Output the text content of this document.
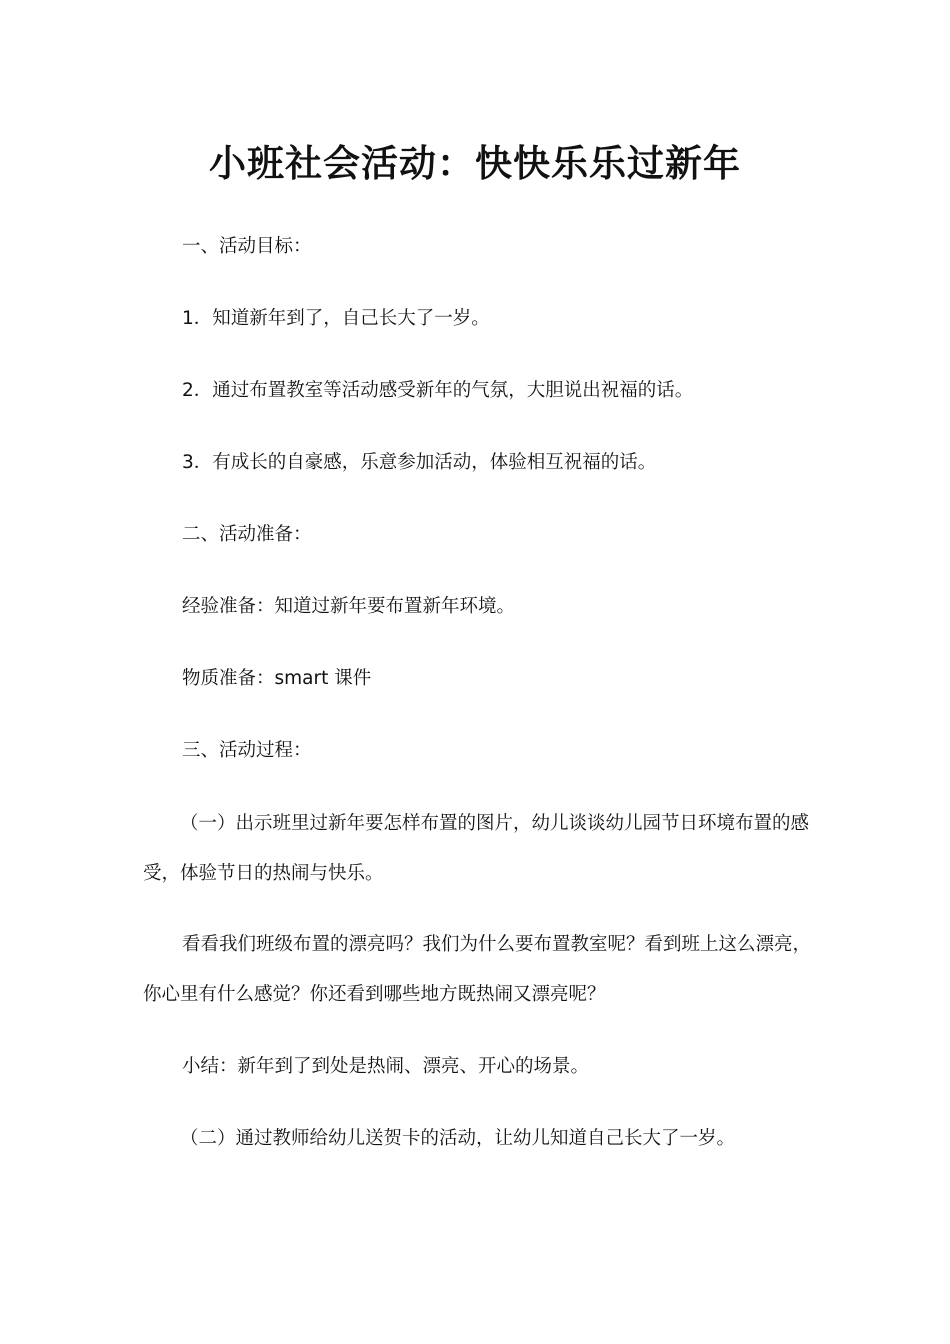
小班社会活动：快快乐乐过新年
一、活动目标：
1．知道新年到了，自己长大了一岁。
2．通过布置教室等活动感受新年的气氛，大胆说出祝福的话。
3．有成长的自豪感，乐意参加活动，体验相互祝福的话。
二、活动准备：
经验准备：知道过新年要布置新年环境。
物质准备：smart 课件
三、活动过程：
（一）出示班里过新年要怎样布置的图片，幼儿谈谈幼儿园节日环境布置的感受，体验节日的热闹与快乐。
看看我们班级布置的漂亮吗？我们为什么要布置教室呢？看到班上这么漂亮，你心里有什么感觉？你还看到哪些地方既热闹又漂亮呢？
小结：新年到了到处是热闹、漂亮、开心的场景。
（二）通过教师给幼儿送贺卡的活动，让幼儿知道自己长大了一岁。
